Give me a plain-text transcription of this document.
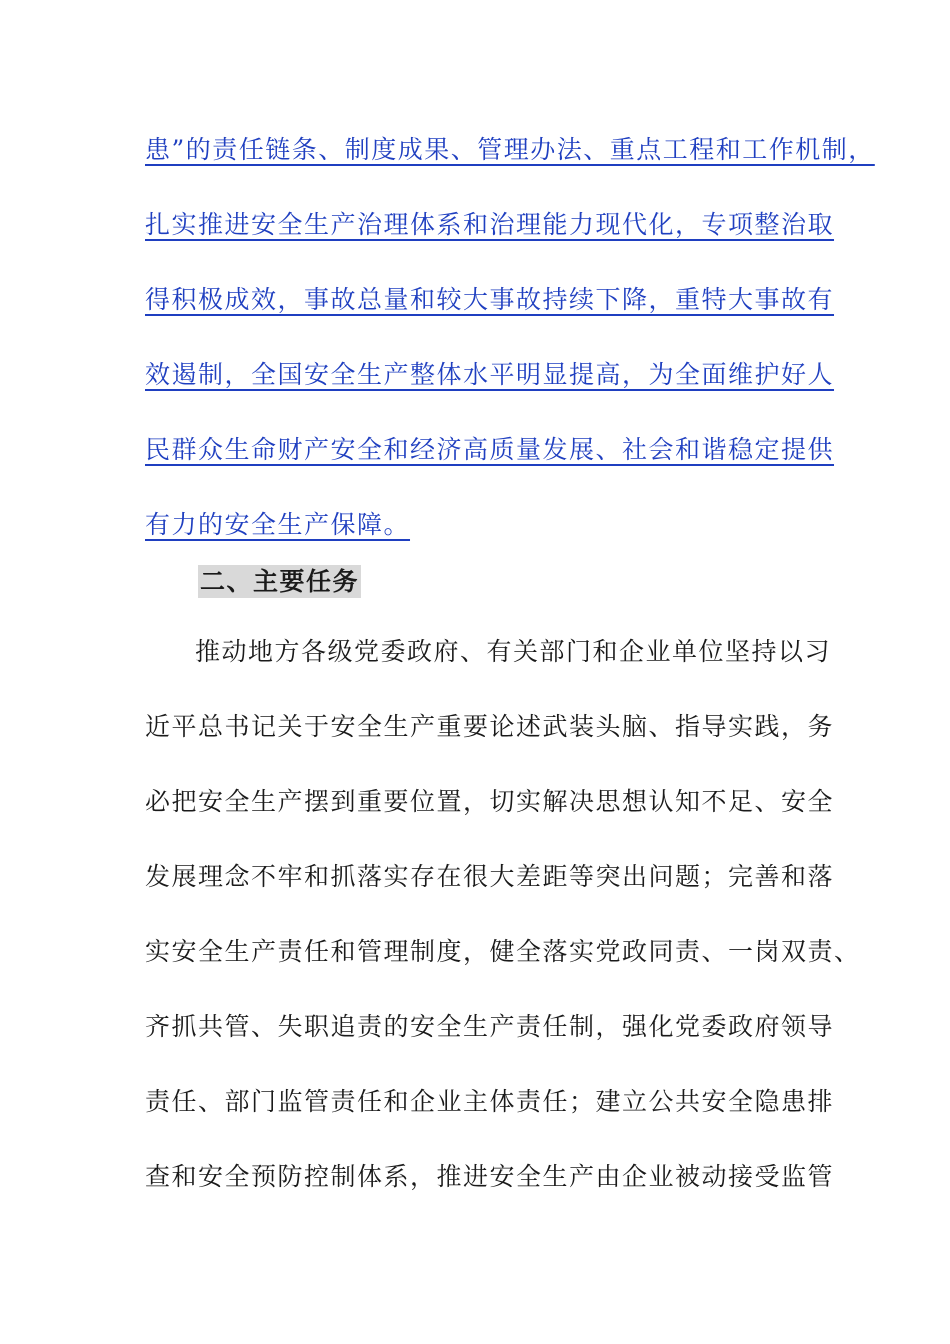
患”的责任链条、制度成果、管理办法、重点工程和工作机制，
扎实推进安全生产治理体系和治理能力现代化，专项整治取
得积极成效，事故总量和较大事故持续下降，重特大事故有
效遏制，全国安全生产整体水平明显提高，为全面维护好人
民群众生命财产安全和经济高质量发展、社会和谐稳定提供
有力的安全生产保障。
二、主要任务
推动地方各级党委政府、有关部门和企业单位坚持以习
近平总书记关于安全生产重要论述武装头脑、指导实践，务
必把安全生产摆到重要位置，切实解决思想认知不足、安全
发展理念不牢和抓落实存在很大差距等突出问题；完善和落
实安全生产责任和管理制度，健全落实党政同责、一岗双责、
齐抓共管、失职追责的安全生产责任制，强化党委政府领导
责任、部门监管责任和企业主体责任；建立公共安全隐患排
查和安全预防控制体系，推进安全生产由企业被动接受监管
